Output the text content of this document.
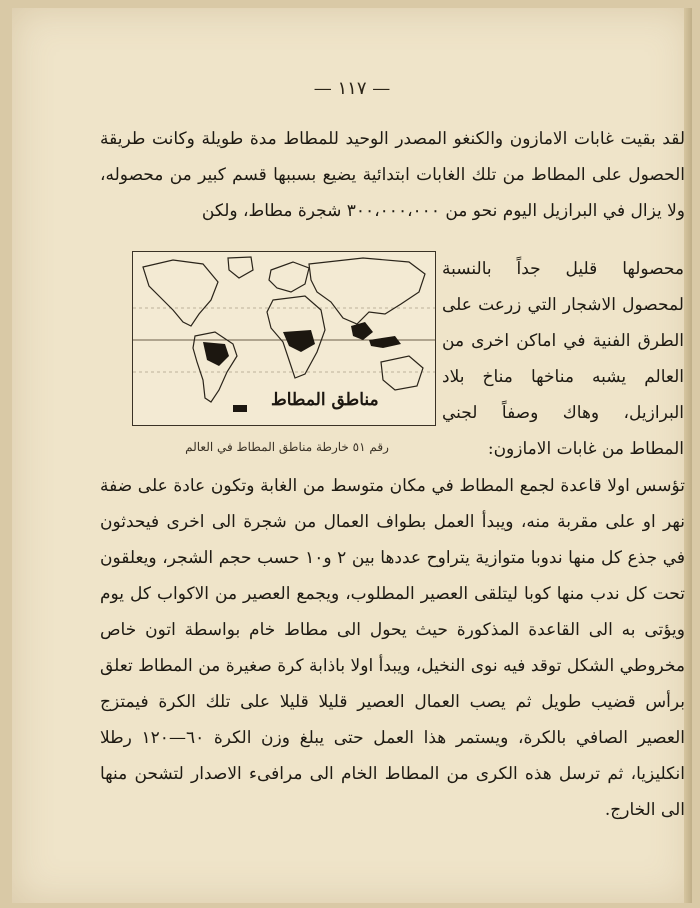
— ١١٧ —

لقد بقيت غابات الامازون والكنغو المصدر الوحيد للمطاط مدة طويلة وكانت طريقة الحصول على المطاط من تلك الغابات ابتدائية يضيع بسببها قسم كبير من محصوله، ولا يزال في البرازيل اليوم نحو من ٣٠٠،٠٠٠،٠٠٠ شجرة مطاط، ولكن

محصولها قليل جداً بالنسبة لمحصول الاشجار التي زرعت على الطرق الفنية في اماكن اخرى من العالم يشبه مناخها مناخ بلاد البرازيل، وهاك وصفاً لجني المطاط من غابات الامازون:

مناطق المطاط
رقم ٥١ خارطة مناطق المطاط في العالم

تؤسس اولا قاعدة لجمع المطاط في مكان متوسط من الغابة وتكون عادة على ضفة نهر او على مقربة منه، ويبدأ العمل بطواف العمال من شجرة الى اخرى فيحدثون في جذع كل منها ندوبا متوازية يتراوح عددها بين ٢ و١٠ حسب حجم الشجر، ويعلقون تحت كل ندب منها كوبا ليتلقى العصير المطلوب، ويجمع العصير من الاكواب كل يوم ويؤتى به الى القاعدة المذكورة حيث يحول الى مطاط خام بواسطة اتون خاص مخروطي الشكل توقد فيه نوى النخيل، ويبدأ اولا باذابة كرة صغيرة من المطاط تعلق برأس قضيب طويل ثم يصب العمال العصير قليلا قليلا على تلك الكرة فيمتزج العصير الصافي بالكرة، ويستمر هذا العمل حتى يبلغ وزن الكرة ٦٠—١٢٠ رطلا انكليزيا، ثم ترسل هذه الكرى من المطاط الخام الى مرافىء الاصدار لتشحن منها الى الخارج.
